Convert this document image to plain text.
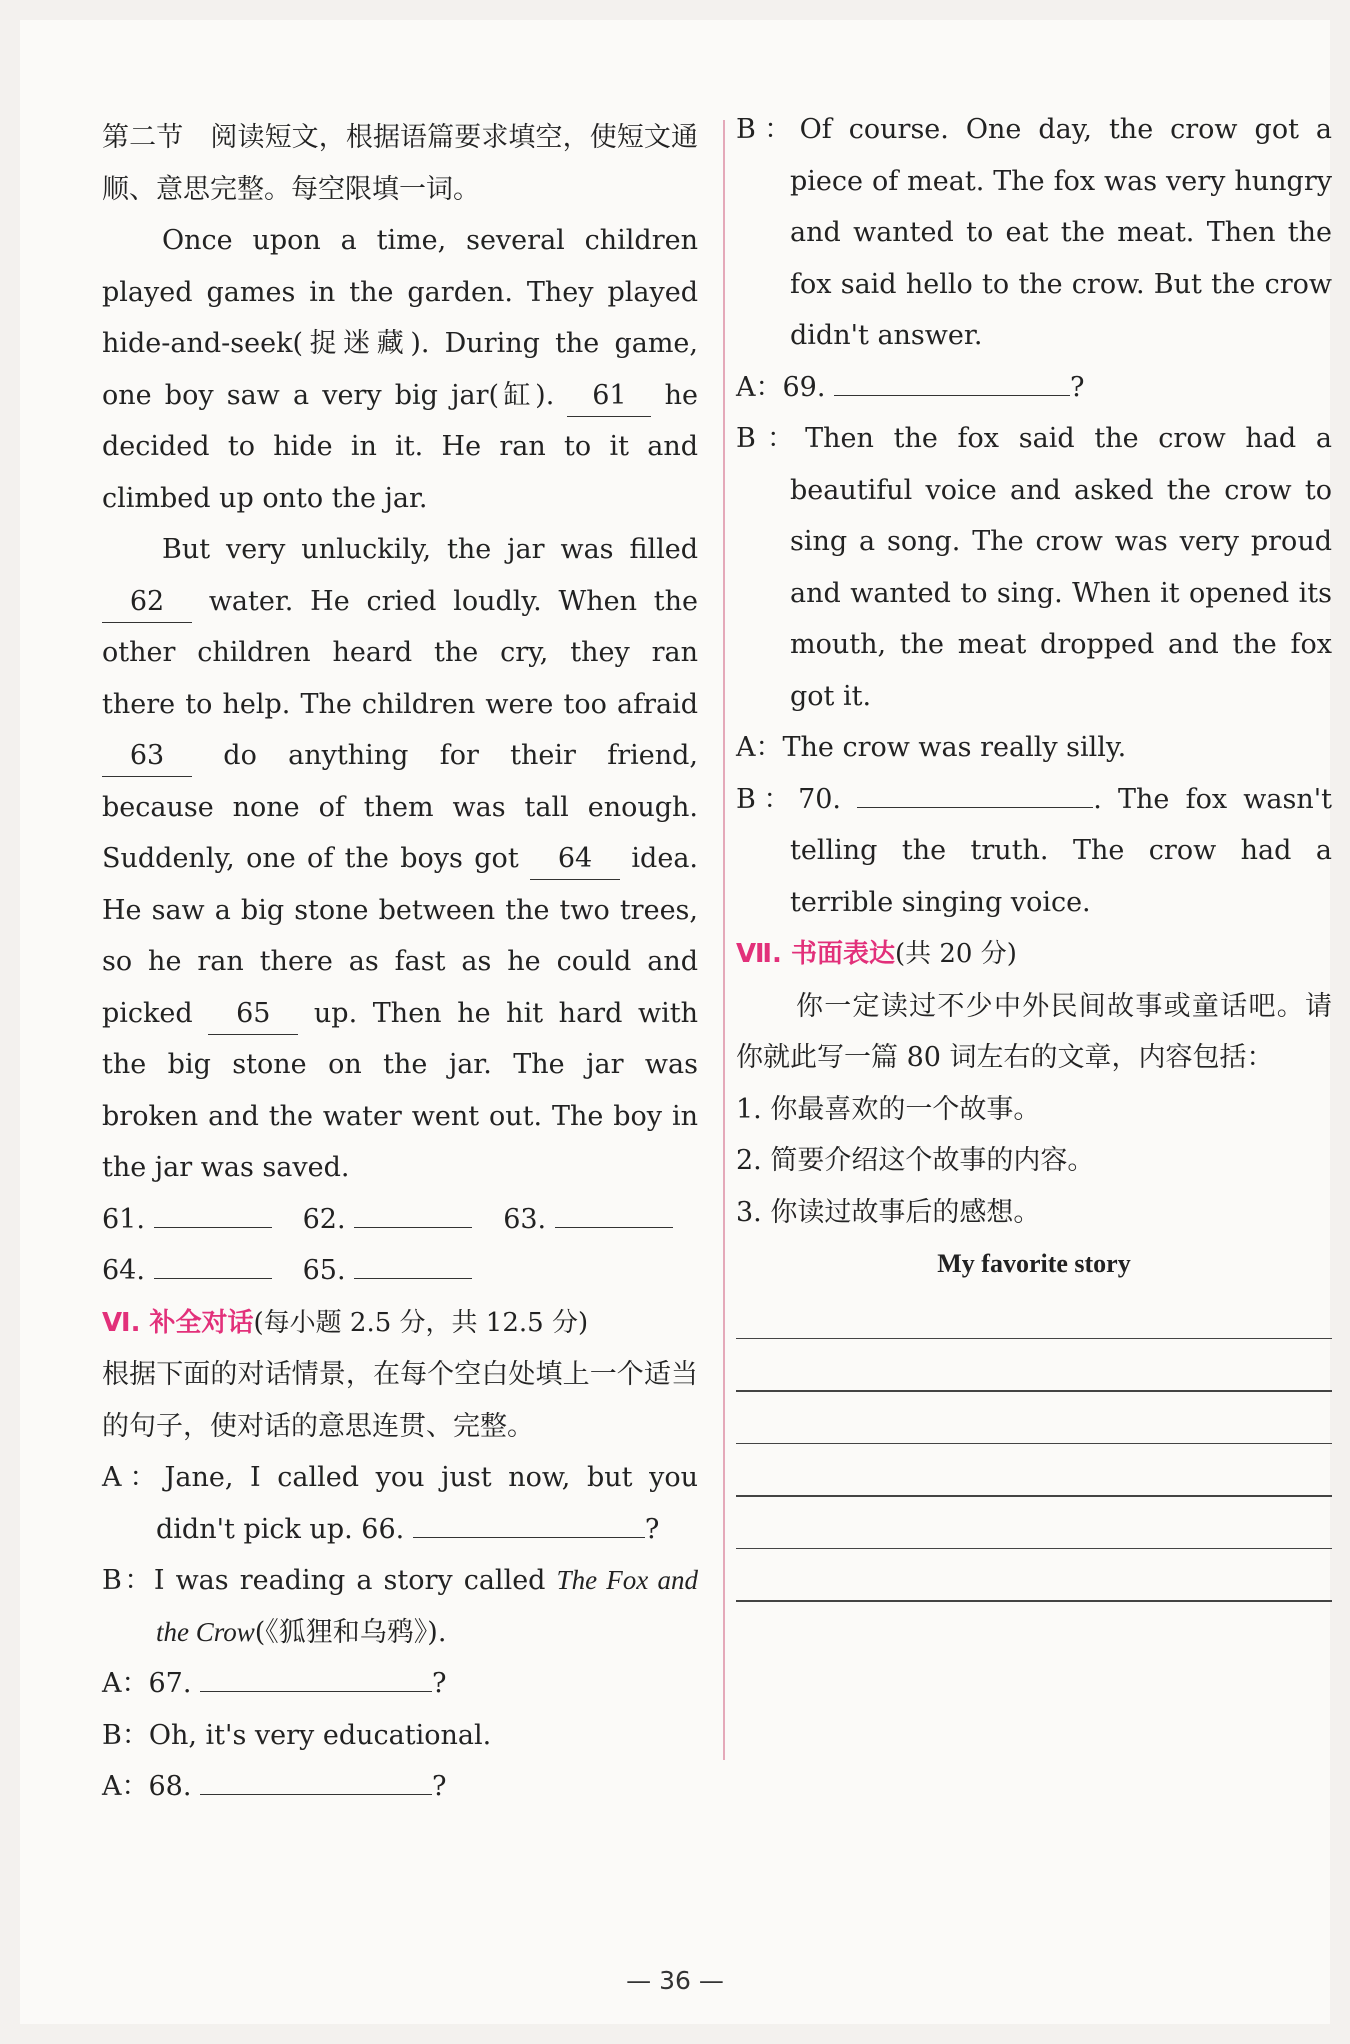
第二节　阅读短文，根据语篇要求填空，使短文通顺、意思完整。每空限填一词。

Once upon a time, several children played games in the garden. They played hide-and-seek(捉迷藏). During the game, one boy saw a very big jar(缸). 61 he decided to hide in it. He ran to it and climbed up onto the jar.

But very unluckily, the jar was filled 62 water. He cried loudly. When the other children heard the cry, they ran there to help. The children were too afraid 63 do anything for their friend, because none of them was tall enough. Suddenly, one of the boys got 64 idea. He saw a big stone between the two trees, so he ran there as fast as he could and picked 65 up. Then he hit hard with the big stone on the jar. The jar was broken and the water went out. The boy in the jar was saved.

61.	62.	63.
64.	65.

Ⅵ. 补全对话(每小题 2.5 分，共 12.5 分)

根据下面的对话情景，在每个空白处填上一个适当的句子，使对话的意思连贯、完整。

A：Jane, I called you just now, but you didn't pick up. 66.	?

B：I was reading a story called The Fox and the Crow(《狐狸和乌鸦》).

A：67.	?

B：Oh, it's very educational.

A：68.	?

B：Of course. One day, the crow got a piece of meat. The fox was very hungry and wanted to eat the meat. Then the fox said hello to the crow. But the crow didn't answer.

A：69.	?

B：Then the fox said the crow had a beautiful voice and asked the crow to sing a song. The crow was very proud and wanted to sing. When it opened its mouth, the meat dropped and the fox got it.

A：The crow was really silly.

B：70.	. The fox wasn't telling the truth. The crow had a terrible singing voice.

Ⅶ. 书面表达(共 20 分)

你一定读过不少中外民间故事或童话吧。请你就此写一篇 80 词左右的文章，内容包括：

1. 你最喜欢的一个故事。

2. 简要介绍这个故事的内容。

3. 你读过故事后的感想。

My favorite story
— 36 —
